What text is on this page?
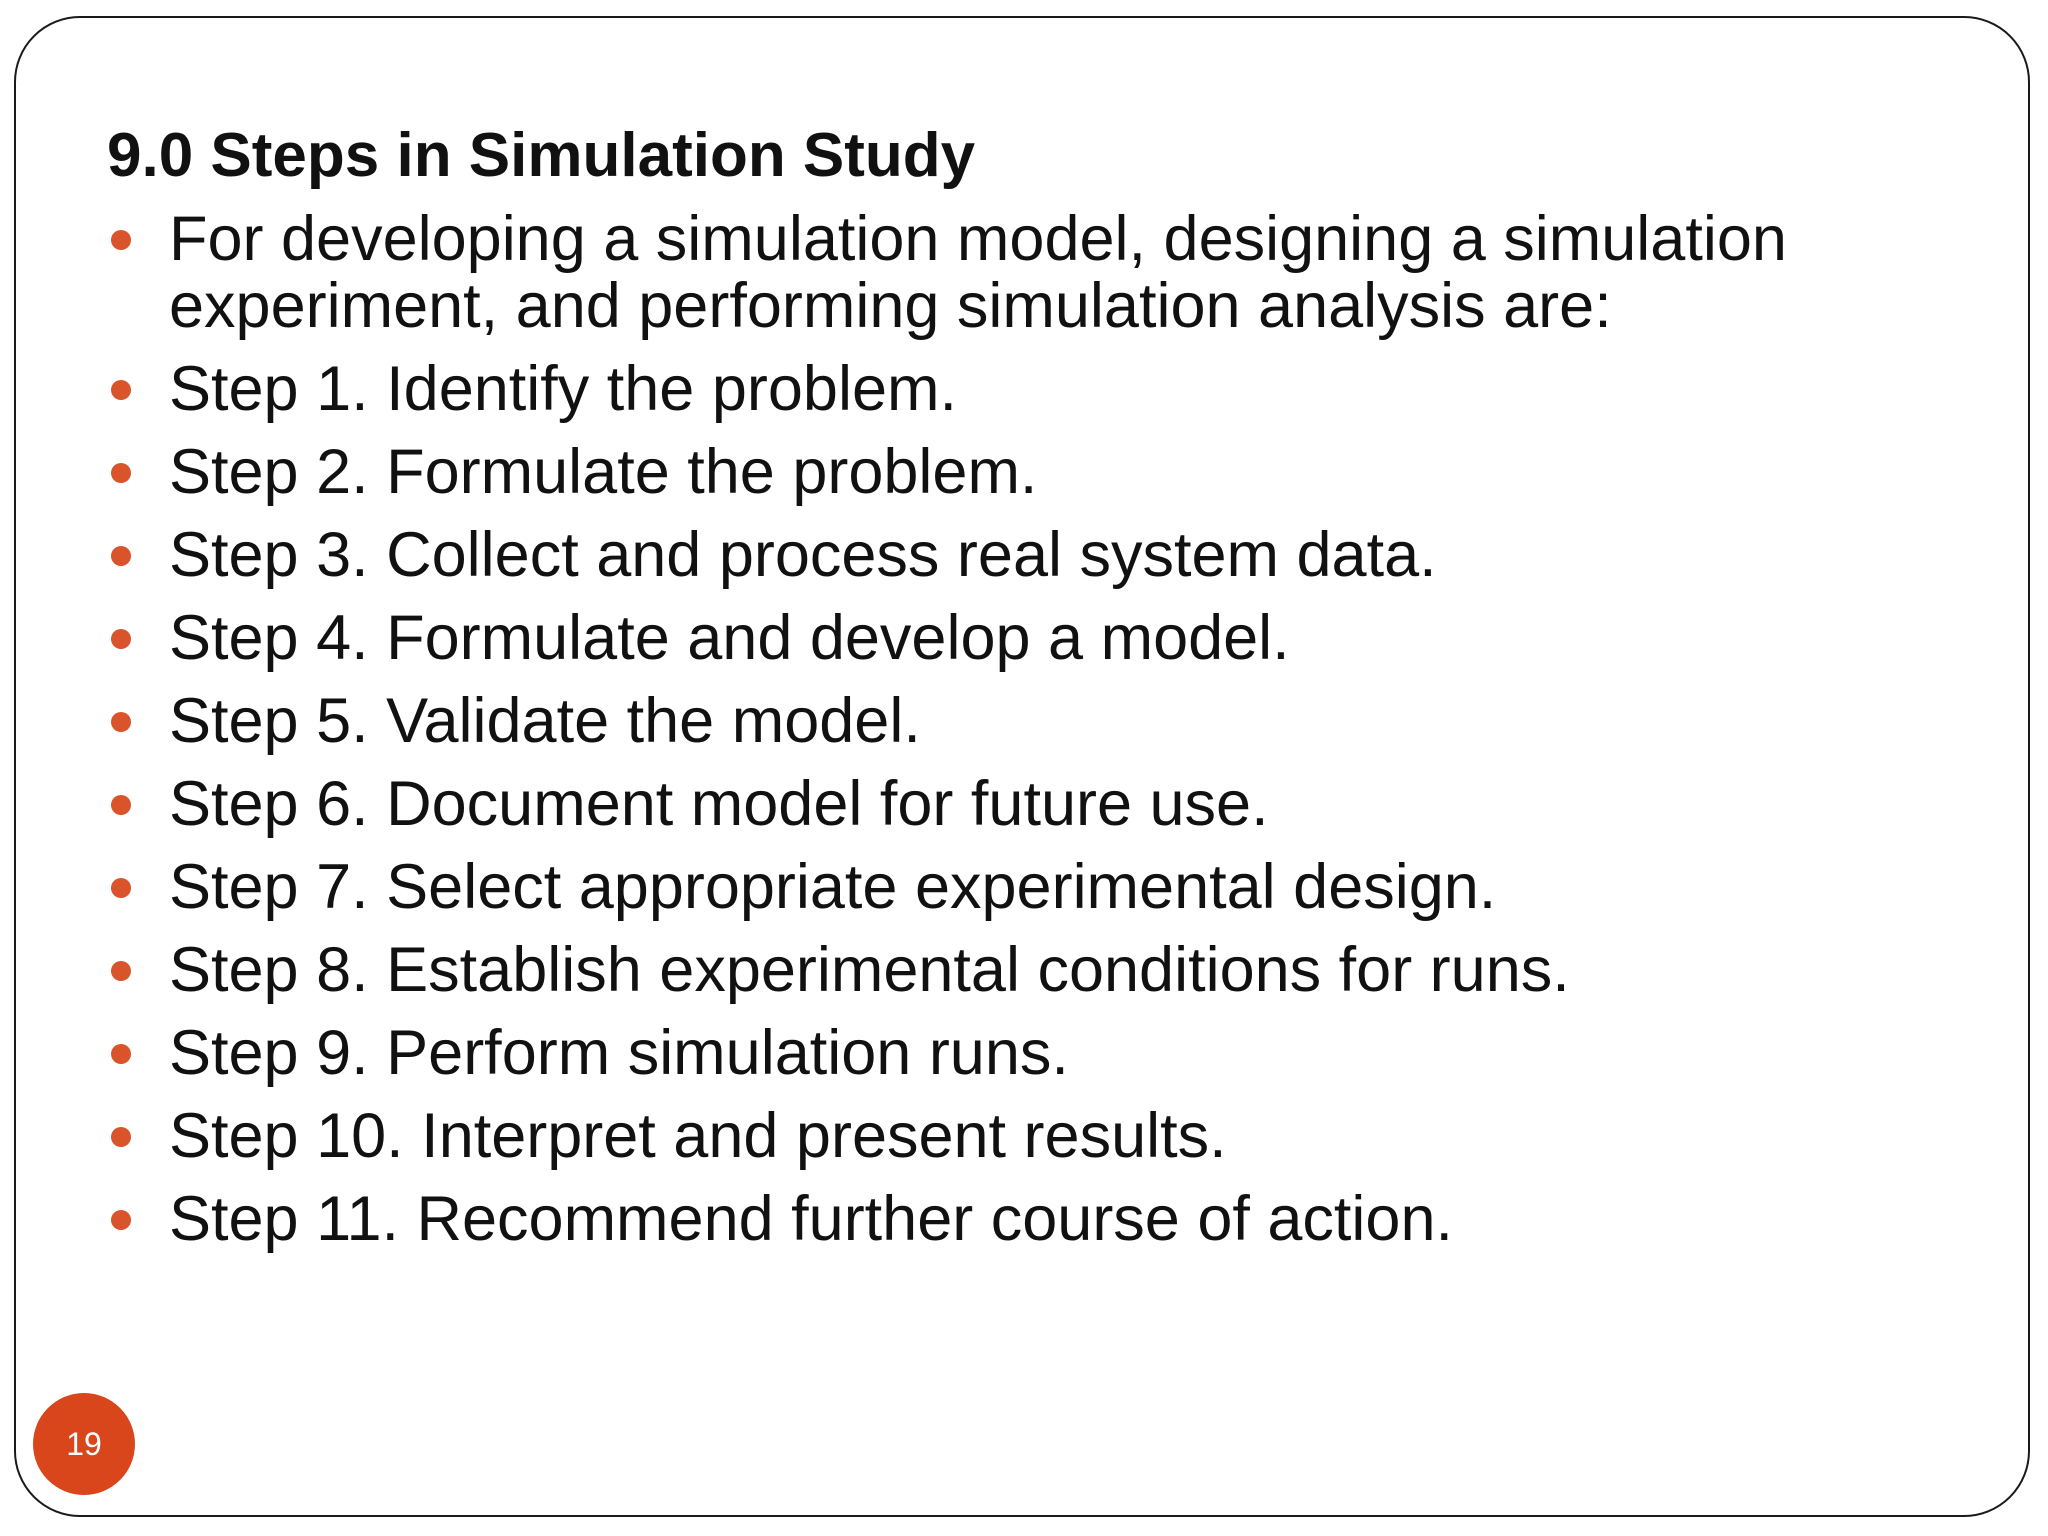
9.0 Steps in Simulation Study
For developing a simulation model, designing a simulation experiment, and performing simulation analysis are:
Step 1. Identify the problem.
Step 2. Formulate the problem.
Step 3. Collect and process real system data.
Step 4. Formulate and develop a model.
Step 5. Validate the model.
Step 6. Document model for future use.
Step 7. Select appropriate experimental design.
Step 8. Establish experimental conditions for runs.
Step 9. Perform simulation runs.
Step 10. Interpret and present results.
Step 11. Recommend further course of action.
19
